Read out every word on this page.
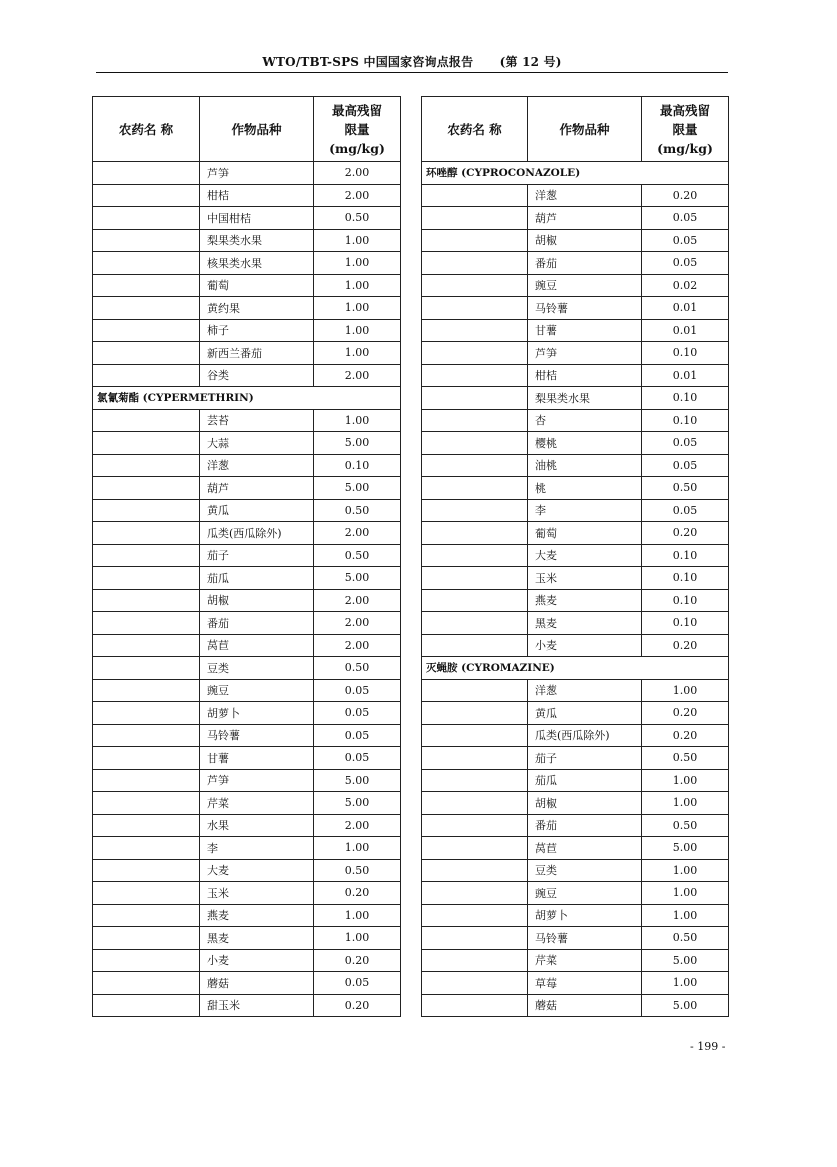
WTO/TBT-SPS 中国国家咨询点报告 (第 12 号)
农药名 称	作物品种	最高残留
限量
(mg/kg)
	芦笋	2.00
	柑桔	2.00
	中国柑桔	0.50
	梨果类水果	1.00
	核果类水果	1.00
	葡萄	1.00
	黄约果	1.00
	柿子	1.00
	新西兰番茄	1.00
	谷类	2.00
氯氰菊酯 (CYPERMETHRIN)		
	芸苔	1.00
	大蒜	5.00
	洋葱	0.10
	葫芦	5.00
	黄瓜	0.50
	瓜类(西瓜除外)	2.00
	茄子	0.50
	茄瓜	5.00
	胡椒	2.00
	番茄	2.00
	莴苣	2.00
	豆类	0.50
	豌豆	0.05
	胡萝卜	0.05
	马铃薯	0.05
	甘薯	0.05
	芦笋	5.00
	芹菜	5.00
	水果	2.00
	李	1.00
	大麦	0.50
	玉米	0.20
	燕麦	1.00
	黑麦	1.00
	小麦	0.20
	蘑菇	0.05
	甜玉米	0.20
农药名 称	作物品种	最高残留
限量
(mg/kg)
环唑醇 (CYPROCONAZOLE)		
	洋葱	0.20
	葫芦	0.05
	胡椒	0.05
	番茄	0.05
	豌豆	0.02
	马铃薯	0.01
	甘薯	0.01
	芦笋	0.10
	柑桔	0.01
	梨果类水果	0.10
	杏	0.10
	樱桃	0.05
	油桃	0.05
	桃	0.50
	李	0.05
	葡萄	0.20
	大麦	0.10
	玉米	0.10
	燕麦	0.10
	黑麦	0.10
	小麦	0.20
灭蝇胺 (CYROMAZINE)		
	洋葱	1.00
	黄瓜	0.20
	瓜类(西瓜除外)	0.20
	茄子	0.50
	茄瓜	1.00
	胡椒	1.00
	番茄	0.50
	莴苣	5.00
	豆类	1.00
	豌豆	1.00
	胡萝卜	1.00
	马铃薯	0.50
	芹菜	5.00
	草莓	1.00
	蘑菇	5.00
- 199 -
